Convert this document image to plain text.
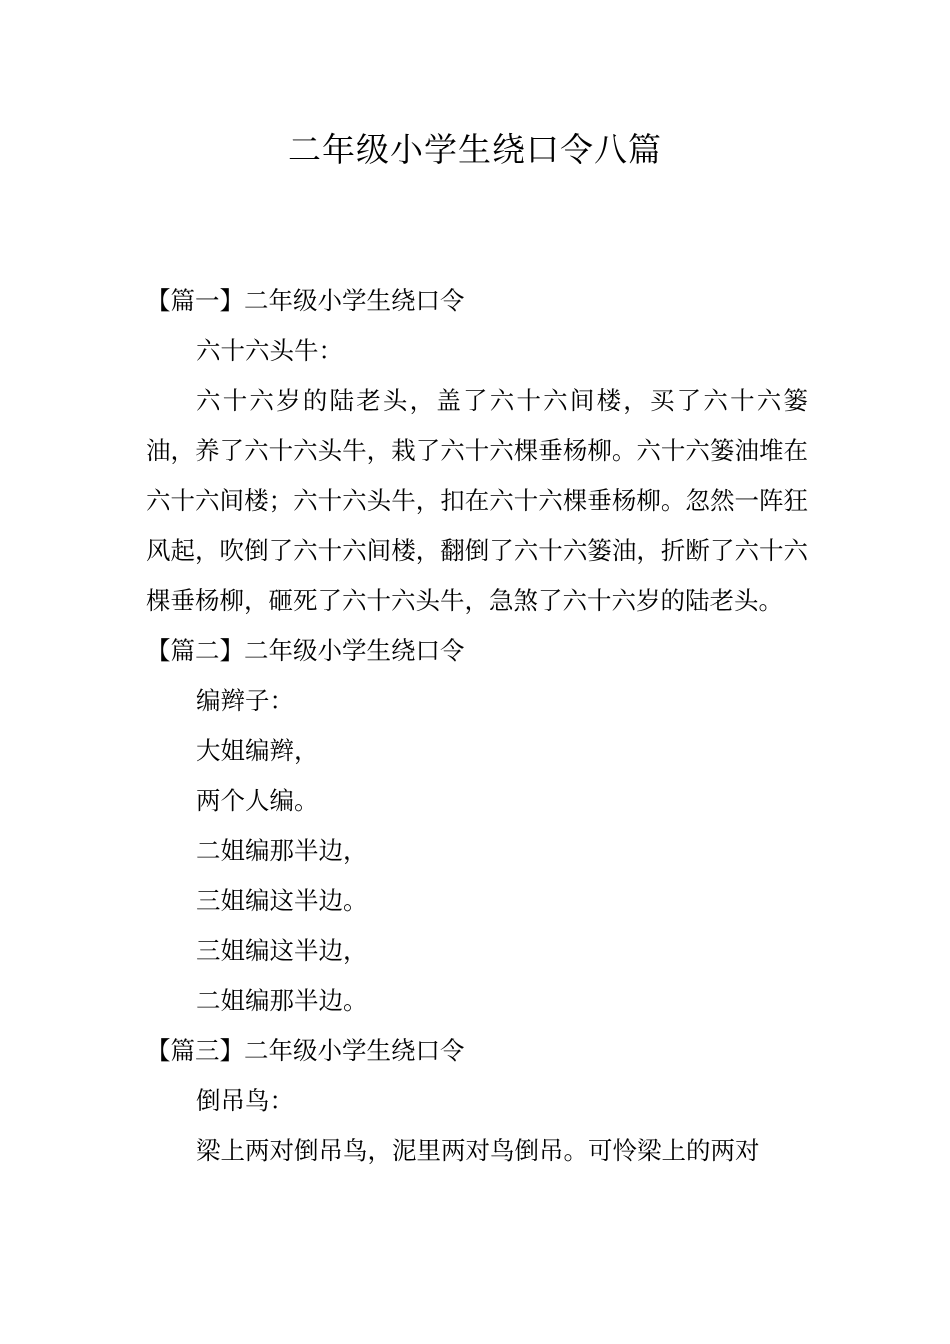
二年级小学生绕口令八篇

【篇一】二年级小学生绕口令

六十六头牛：

六十六岁的陆老头，盖了六十六间楼，买了六十六篓油，养了六十六头牛，栽了六十六棵垂杨柳。六十六篓油堆在六十六间楼；六十六头牛，扣在六十六棵垂杨柳。忽然一阵狂风起，吹倒了六十六间楼，翻倒了六十六篓油，折断了六十六棵垂杨柳，砸死了六十六头牛，急煞了六十六岁的陆老头。

【篇二】二年级小学生绕口令

编辫子：

大姐编辫，

两个人编。

二姐编那半边，

三姐编这半边。

三姐编这半边，

二姐编那半边。

【篇三】二年级小学生绕口令

倒吊鸟：

梁上两对倒吊鸟，泥里两对鸟倒吊。可怜梁上的两对
